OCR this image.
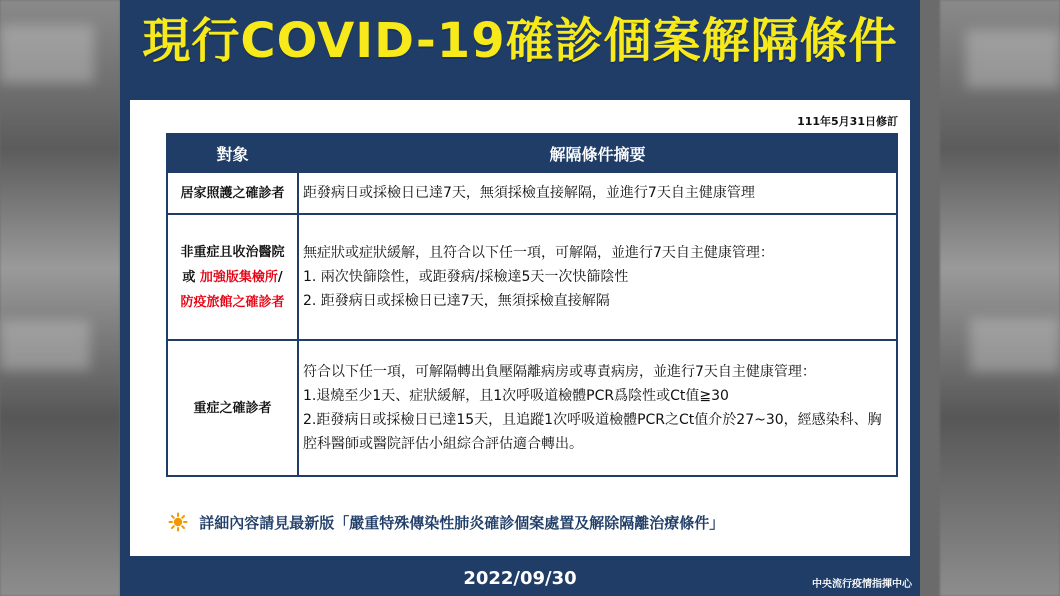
現行COVID-19確診個案解隔條件
111年5月31日修訂
對象	解隔條件摘要
居家照護之確診者	距發病日或採檢日已達7天，無須採檢直接解隔，並進行7天自主健康管理

非重症且收治醫院
或 加強版集檢所/
防疫旅館之確診者	無症狀或症狀緩解，且符合以下任一項，可解隔，並進行7天自主健康管理：
1. 兩次快篩陰性，或距發病/採檢達5天一次快篩陰性
2. 距發病日或採檢日已達7天，無須採檢直接解隔

重症之確診者	符合以下任一項，可解隔轉出負壓隔離病房或專責病房，並進行7天自主健康管理：
1.退燒至少1天、症狀緩解，且1次呼吸道檢體PCR爲陰性或Ct值≧30
2.距發病日或採檢日已達15天，且追蹤1次呼吸道檢體PCR之Ct值介於27~30，經感染科、胸腔科醫師或醫院評估小組綜合評估適合轉出。
詳細內容請見最新版「嚴重特殊傳染性肺炎確診個案處置及解除隔離治療條件」
2022/09/30	中央流行疫情指揮中心
